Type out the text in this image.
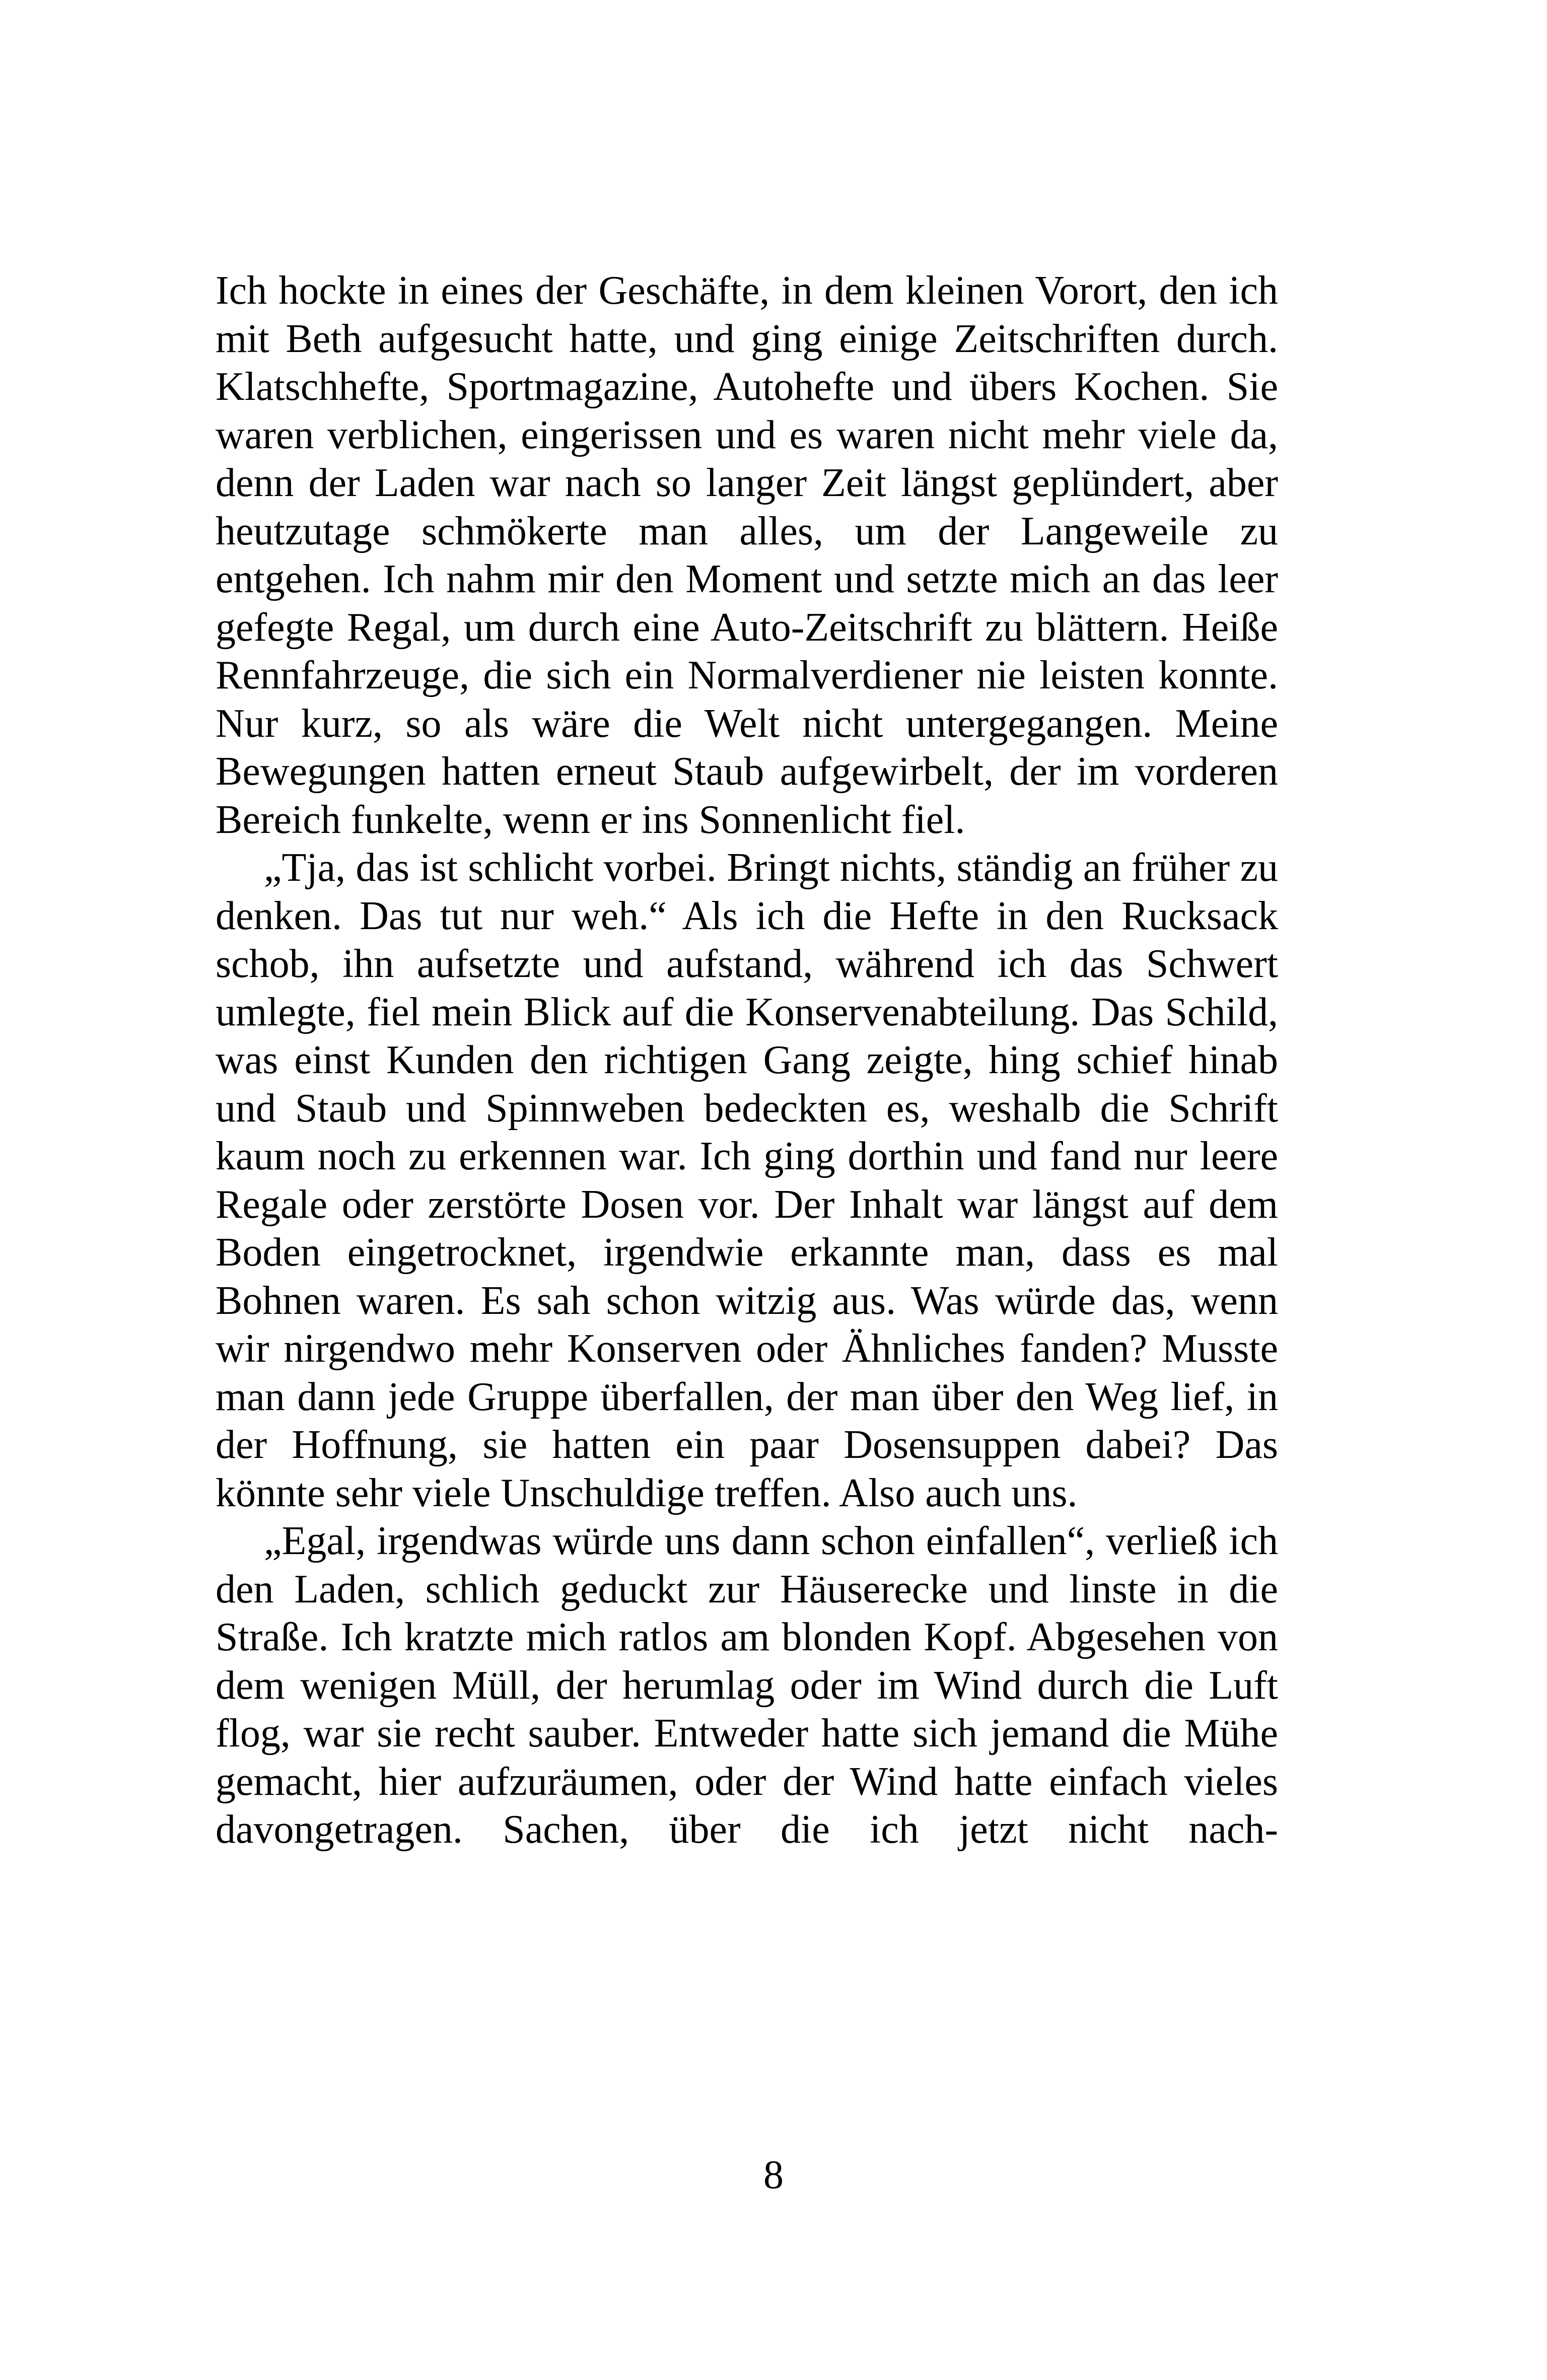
Ich hockte in eines der Geschäfte, in dem kleinen Vorort, den ich mit Beth aufgesucht hatte, und ging einige Zeitschriften durch. Klatschhefte, Sportmagazine, Autohefte und übers Kochen. Sie waren verblichen, eingerissen und es waren nicht mehr viele da, denn der Laden war nach so langer Zeit längst geplündert, aber heutzutage schmökerte man alles, um der Langeweile zu entgehen. Ich nahm mir den Moment und setzte mich an das leer gefegte Regal, um durch eine Auto-Zeitschrift zu blättern. Heiße Rennfahrzeuge, die sich ein Normalverdiener nie leisten konnte. Nur kurz, so als wäre die Welt nicht untergegangen. Meine Bewegungen hatten erneut Staub aufgewirbelt, der im vorderen Bereich funkelte, wenn er ins Sonnenlicht fiel.

„Tja, das ist schlicht vorbei. Bringt nichts, ständig an früher zu denken. Das tut nur weh.“ Als ich die Hefte in den Rucksack schob, ihn aufsetzte und aufstand, während ich das Schwert umlegte, fiel mein Blick auf die Konservenabteilung. Das Schild, was einst Kunden den richtigen Gang zeigte, hing schief hinab und Staub und Spinnweben bedeckten es, weshalb die Schrift kaum noch zu erkennen war. Ich ging dorthin und fand nur leere Regale oder zerstörte Dosen vor. Der Inhalt war längst auf dem Boden eingetrocknet, irgendwie erkannte man, dass es mal Bohnen waren. Es sah schon witzig aus. Was würde das, wenn wir nirgendwo mehr Konserven oder Ähnliches fanden? Musste man dann jede Gruppe überfallen, der man über den Weg lief, in der Hoffnung, sie hatten ein paar Dosensuppen dabei? Das könnte sehr viele Unschuldige treffen. Also auch uns.

„Egal, irgendwas würde uns dann schon einfallen“, verließ ich den Laden, schlich geduckt zur Häuserecke und linste in die Straße. Ich kratzte mich ratlos am blonden Kopf. Abgesehen von dem wenigen Müll, der herumlag oder im Wind durch die Luft flog, war sie recht sauber. Entweder hatte sich jemand die Mühe gemacht, hier aufzuräumen, oder der Wind hatte einfach vieles davongetragen. Sachen, über die ich jetzt nicht nach-

8
